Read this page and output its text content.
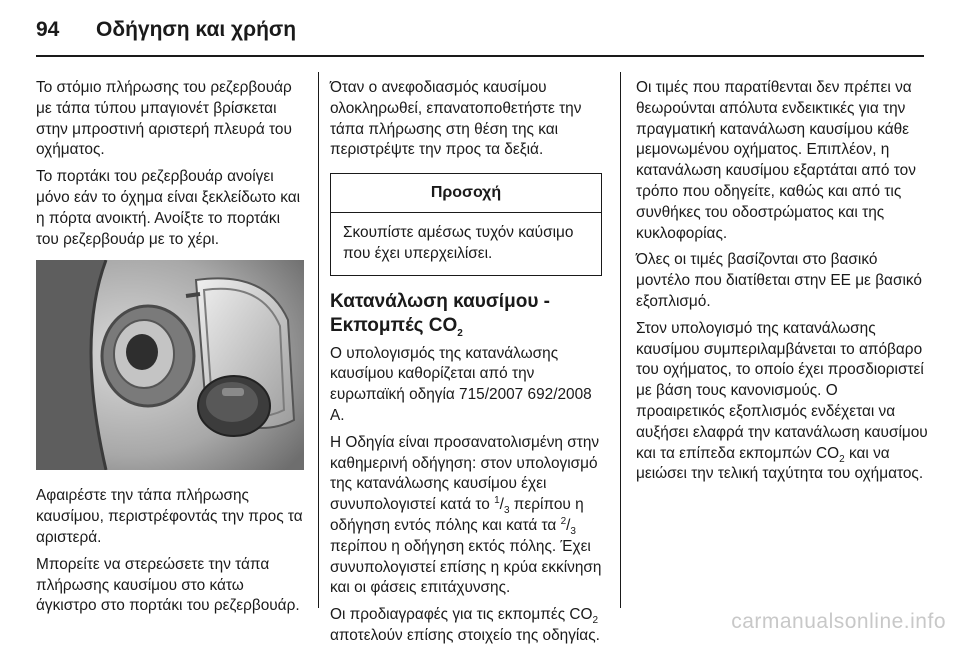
94 Οδήγηση και χρήση

Το στόμιο πλήρωσης του ρεζερβουάρ με τάπα τύπου μπαγιονέτ βρίσκεται στην μπροστινή αριστερή πλευρά του οχήματος.

Το πορτάκι του ρεζερβουάρ ανοίγει μόνο εάν το όχημα είναι ξεκλείδωτο και η πόρτα ανοικτή. Ανοίξτε το πορτάκι του ρεζερβουάρ με το χέρι.

Αφαιρέστε την τάπα πλήρωσης καυσίμου, περιστρέφοντάς την προς τα αριστερά.

Μπορείτε να στερεώσετε την τάπα πλήρωσης καυσίμου στο κάτω άγκιστρο στο πορτάκι του ρεζερβουάρ.

Όταν ο ανεφοδιασμός καυσίμου ολοκληρωθεί, επανατοποθετήστε την τάπα πλήρωσης στη θέση της και περιστρέψτε την προς τα δεξιά.

Προσοχή
Σκουπίστε αμέσως τυχόν καύσιμο που έχει υπερχειλίσει.
Κατανάλωση καυσίμου - Εκπομπές $CO_2$

Ο υπολογισμός της κατανάλωσης καυσίμου καθορίζεται από την ευρωπαϊκή οδηγία 715/2007 692/2008 A.

Η Οδηγία είναι προσανατολισμένη στην καθημερινή οδήγηση: στον υπολογισμό της κατανάλωσης καυσίμου έχει συνυπολογιστεί κατά το $^1/_3$ περίπου η οδήγηση εντός πόλης και κατά τα $^2/_3$ περίπου η οδήγηση εκτός πόλης. Έχει συνυπολογιστεί επίσης η κρύα εκκίνηση και οι φάσεις επιτάχυνσης.

Οι προδιαγραφές για τις εκπομπές $CO_2$ αποτελούν επίσης στοιχείο της οδηγίας.

Οι τιμές που παρατίθενται δεν πρέπει να θεωρούνται απόλυτα ενδεικτικές για την πραγματική κατανάλωση καυσίμου κάθε μεμονωμένου οχήματος. Επιπλέον, η κατανάλωση καυσίμου εξαρτάται από τον τρόπο που οδηγείτε, καθώς και από τις συνθήκες του οδοστρώματος και της κυκλοφορίας.

Όλες οι τιμές βασίζονται στο βασικό μοντέλο που διατίθεται στην ΕΕ με βασικό εξοπλισμό.

Στον υπολογισμό της κατανάλωσης καυσίμου συμπεριλαμβάνεται το απόβαρο του οχήματος, το οποίο έχει προσδιοριστεί με βάση τους κανονισμούς. Ο προαιρετικός εξοπλισμός ενδέχεται να αυξήσει ελαφρά την κατανάλωση καυσίμου και τα επίπεδα εκπομπών $CO_2$ και να μειώσει την τελική ταχύτητα του οχήματος.

carmanualsonline.info
